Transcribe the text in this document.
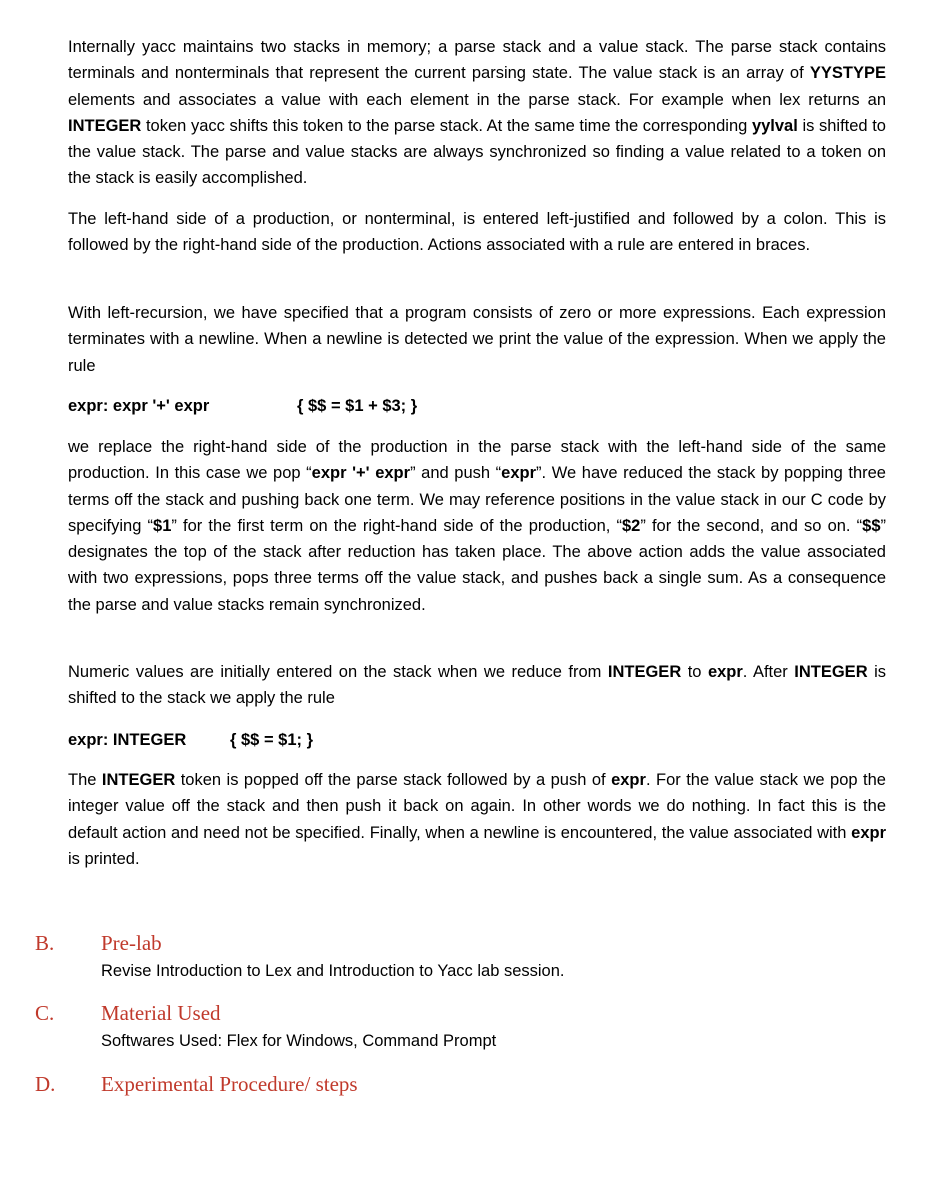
Internally yacc maintains two stacks in memory; a parse stack and a value stack. The parse stack contains terminals and nonterminals that represent the current parsing state. The value stack is an array of YYSTYPE elements and associates a value with each element in the parse stack. For example when lex returns an INTEGER token yacc shifts this token to the parse stack. At the same time the corresponding yylval is shifted to the value stack. The parse and value stacks are always synchronized so finding a value related to a token on the stack is easily accomplished.

The left-hand side of a production, or nonterminal, is entered left-justified and followed by a colon. This is followed by the right-hand side of the production. Actions associated with a rule are entered in braces.

With left-recursion, we have specified that a program consists of zero or more expressions. Each expression terminates with a newline. When a newline is detected we print the value of the expression. When we apply the rule

expr: expr '+' expr	{ $$ = $1 + $3; }

we replace the right-hand side of the production in the parse stack with the left-hand side of the same production. In this case we pop “expr '+' expr” and push “expr”. We have reduced the stack by popping three terms off the stack and pushing back one term. We may reference positions in the value stack in our C code by specifying “$1” for the first term on the right-hand side of the production, “$2” for the second, and so on. “$$” designates the top of the stack after reduction has taken place. The above action adds the value associated with two expressions, pops three terms off the value stack, and pushes back a single sum. As a consequence the parse and value stacks remain synchronized.

Numeric values are initially entered on the stack when we reduce from INTEGER to expr. After INTEGER is shifted to the stack we apply the rule

expr: INTEGER	{ $$ = $1; }

The INTEGER token is popped off the parse stack followed by a push of expr. For the value stack we pop the integer value off the stack and then push it back on again. In other words we do nothing. In fact this is the default action and need not be specified. Finally, when a newline is encountered, the value associated with expr is printed.

B. Pre-lab
Revise Introduction to Lex and Introduction to Yacc lab session.
C. Material Used
Softwares Used: Flex for Windows, Command Prompt
D. Experimental Procedure/ steps
